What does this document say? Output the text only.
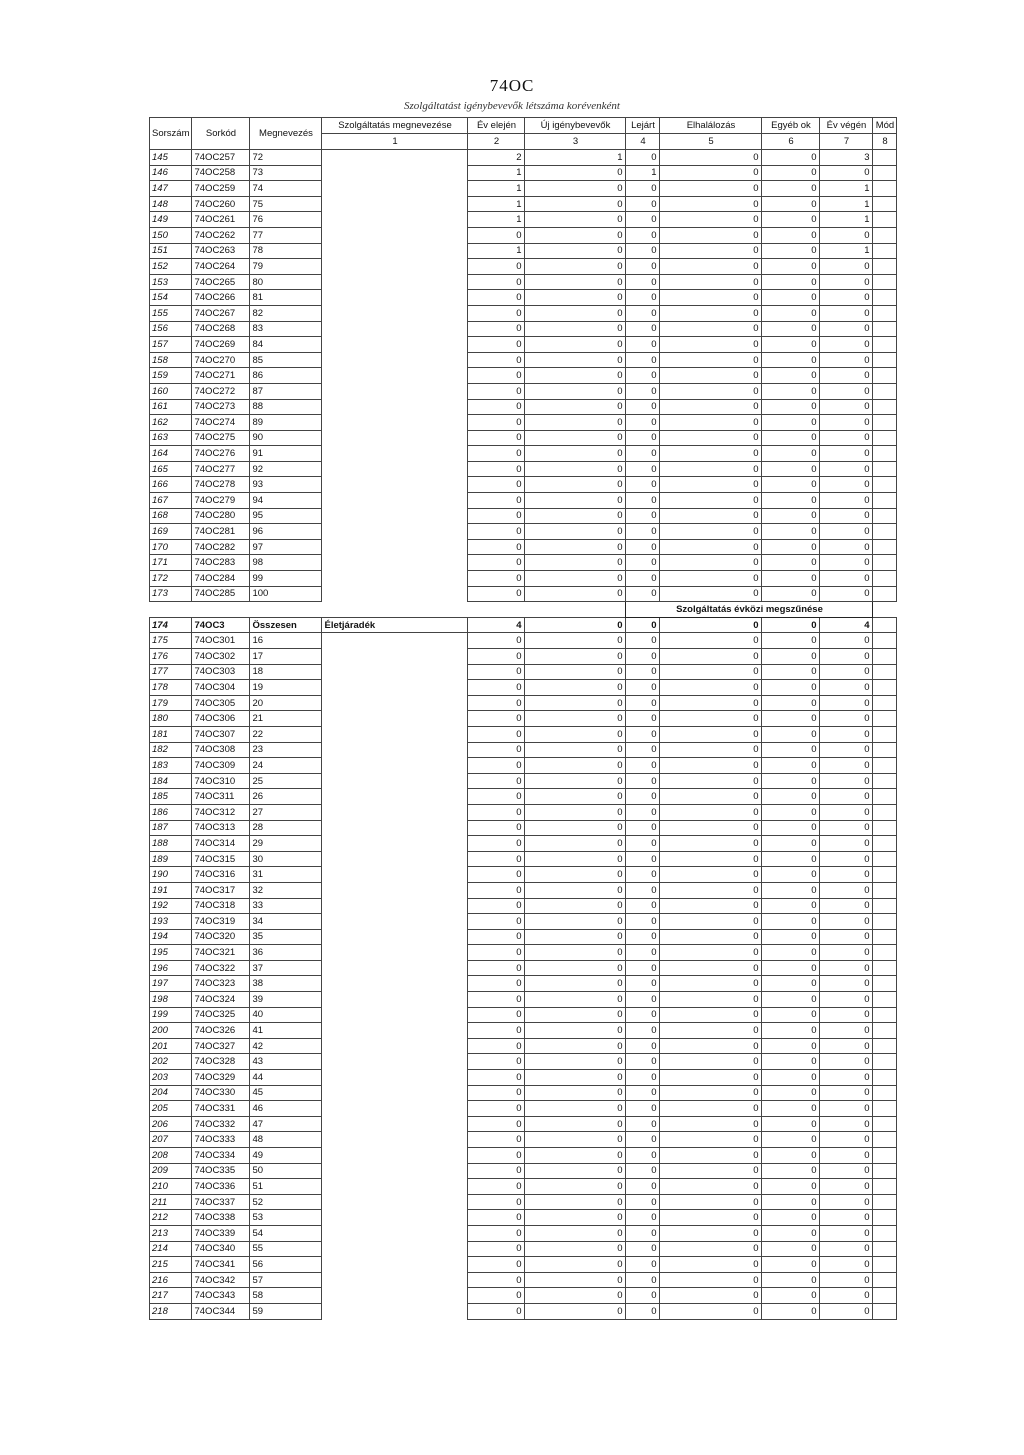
74OC
Szolgáltatást igénybevevők létszáma korévenként
Sorszám	Sorkód	Megnevezés	Szolgáltatás megnevezése	Év elején	Új igénybevevők	Lejárt	Elhalálozás	Egyéb ok	Év végén	Mód
			1	2	3	4	5	6	7	8
145	74OC257	72		2	1	0	0	0	3	
146	74OC258	73		1	0	1	0	0	0	
147	74OC259	74		1	0	0	0	0	1	
148	74OC260	75		1	0	0	0	0	1	
149	74OC261	76		1	0	0	0	0	1	
150	74OC262	77		0	0	0	0	0	0	
151	74OC263	78		1	0	0	0	0	1	
152	74OC264	79		0	0	0	0	0	0	
153	74OC265	80		0	0	0	0	0	0	
154	74OC266	81		0	0	0	0	0	0	
155	74OC267	82		0	0	0	0	0	0	
156	74OC268	83		0	0	0	0	0	0	
157	74OC269	84		0	0	0	0	0	0	
158	74OC270	85		0	0	0	0	0	0	
159	74OC271	86		0	0	0	0	0	0	
160	74OC272	87		0	0	0	0	0	0	
161	74OC273	88		0	0	0	0	0	0	
162	74OC274	89		0	0	0	0	0	0	
163	74OC275	90		0	0	0	0	0	0	
164	74OC276	91		0	0	0	0	0	0	
165	74OC277	92		0	0	0	0	0	0	
166	74OC278	93		0	0	0	0	0	0	
167	74OC279	94		0	0	0	0	0	0	
168	74OC280	95		0	0	0	0	0	0	
169	74OC281	96		0	0	0	0	0	0	
170	74OC282	97		0	0	0	0	0	0	
171	74OC283	98		0	0	0	0	0	0	
172	74OC284	99		0	0	0	0	0	0	
173	74OC285	100		0	0	0	0	0	0	
						Szolgáltatás évközi megszűnése				
174	74OC3	Összesen	Életjáradék	4	0	0	0	0	4	
175	74OC301	16		0	0	0	0	0	0	
176	74OC302	17		0	0	0	0	0	0	
177	74OC303	18		0	0	0	0	0	0	
178	74OC304	19		0	0	0	0	0	0	
179	74OC305	20		0	0	0	0	0	0	
180	74OC306	21		0	0	0	0	0	0	
181	74OC307	22		0	0	0	0	0	0	
182	74OC308	23		0	0	0	0	0	0	
183	74OC309	24		0	0	0	0	0	0	
184	74OC310	25		0	0	0	0	0	0	
185	74OC311	26		0	0	0	0	0	0	
186	74OC312	27		0	0	0	0	0	0	
187	74OC313	28		0	0	0	0	0	0	
188	74OC314	29		0	0	0	0	0	0	
189	74OC315	30		0	0	0	0	0	0	
190	74OC316	31		0	0	0	0	0	0	
191	74OC317	32		0	0	0	0	0	0	
192	74OC318	33		0	0	0	0	0	0	
193	74OC319	34		0	0	0	0	0	0	
194	74OC320	35		0	0	0	0	0	0	
195	74OC321	36		0	0	0	0	0	0	
196	74OC322	37		0	0	0	0	0	0	
197	74OC323	38		0	0	0	0	0	0	
198	74OC324	39		0	0	0	0	0	0	
199	74OC325	40		0	0	0	0	0	0	
200	74OC326	41		0	0	0	0	0	0	
201	74OC327	42		0	0	0	0	0	0	
202	74OC328	43		0	0	0	0	0	0	
203	74OC329	44		0	0	0	0	0	0	
204	74OC330	45		0	0	0	0	0	0	
205	74OC331	46		0	0	0	0	0	0	
206	74OC332	47		0	0	0	0	0	0	
207	74OC333	48		0	0	0	0	0	0	
208	74OC334	49		0	0	0	0	0	0	
209	74OC335	50		0	0	0	0	0	0	
210	74OC336	51		0	0	0	0	0	0	
211	74OC337	52		0	0	0	0	0	0	
212	74OC338	53		0	0	0	0	0	0	
213	74OC339	54		0	0	0	0	0	0	
214	74OC340	55		0	0	0	0	0	0	
215	74OC341	56		0	0	0	0	0	0	
216	74OC342	57		0	0	0	0	0	0	
217	74OC343	58		0	0	0	0	0	0	
218	74OC344	59		0	0	0	0	0	0	
